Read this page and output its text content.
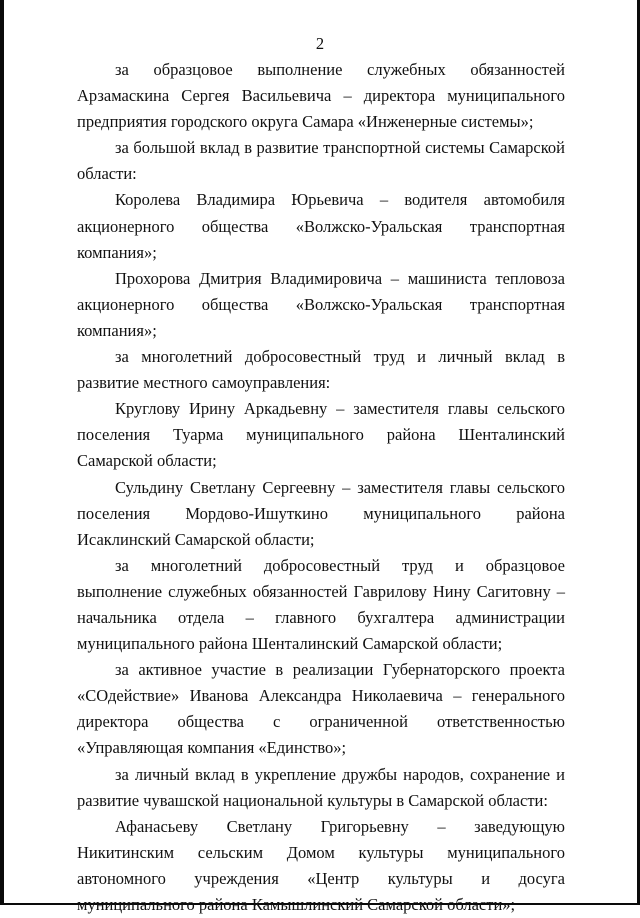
2

за образцовое выполнение служебных обязанностей Арзамаскина Сергея Васильевича – директора муниципального предприятия городского округа Самара «Инженерные системы»;

за большой вклад в развитие транспортной системы Самарской области:

Королева Владимира Юрьевича – водителя автомобиля акционерного общества «Волжско-Уральская транспортная компания»;

Прохорова Дмитрия Владимировича – машиниста тепловоза акционерного общества «Волжско-Уральская транспортная компания»;

за многолетний добросовестный труд и личный вклад в развитие местного самоуправления:

Круглову Ирину Аркадьевну – заместителя главы сельского поселения Туарма муниципального района Шенталинский Самарской области;

Сульдину Светлану Сергеевну – заместителя главы сельского поселения Мордово-Ишуткино муниципального района Исаклинский Самарской области;

за многолетний добросовестный труд и образцовое выполнение служебных обязанностей Гаврилову Нину Сагитовну – начальника отдела – главного бухгалтера администрации муниципального района Шенталинский Самарской области;

за активное участие в реализации Губернаторского проекта «СОдействие» Иванова Александра Николаевича – генерального директора общества с ограниченной ответственностью «Управляющая компания «Единство»;

за личный вклад в укрепление дружбы народов, сохранение и развитие чувашской национальной культуры в Самарской области:

Афанасьеву Светлану Григорьевну – заведующую Никитинским сельским Домом культуры муниципального автономного учреждения «Центр культуры и досуга муниципального района Камышлинский Самарской области»;
